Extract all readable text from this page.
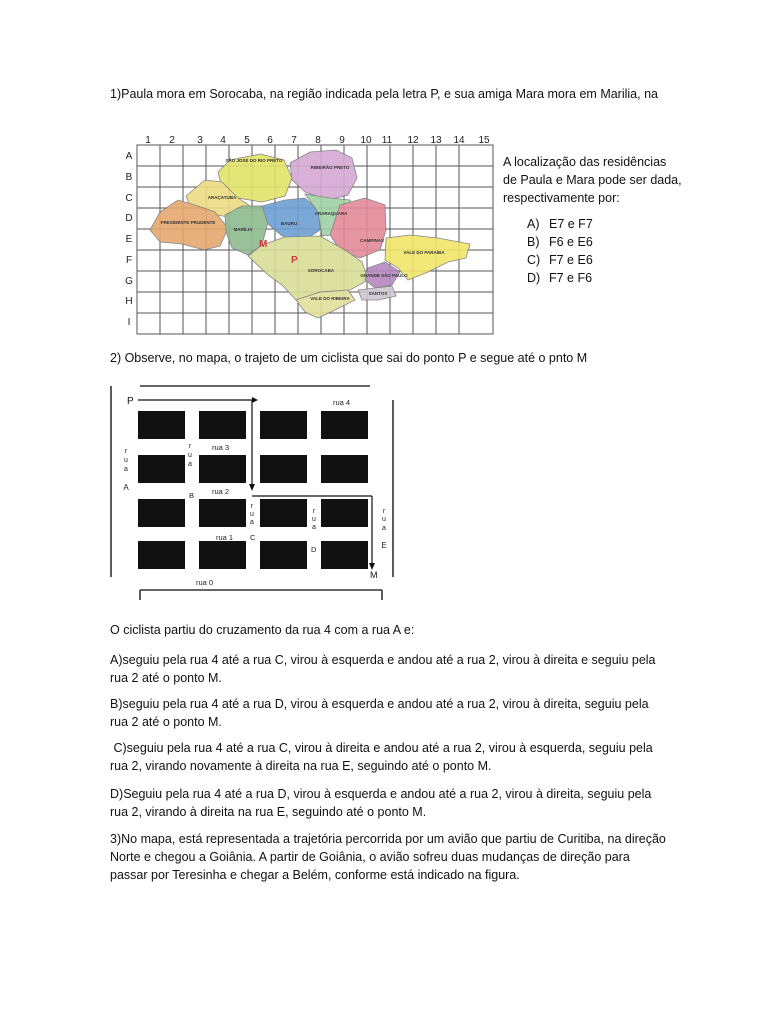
1)Paula mora em Sorocaba, na região indicada pela letra P, e sua amiga Mara mora em Marilia, na

1 2 3 4 5 6 7 8 9 10 11 12 13 14 15
A
B
C
D
E
F
G
H
I
SÃO JOSÉ DO RIO PRETO
RIBEIRÃO PRETO
ARAÇATUBA
PRESIDENTE PRUDENTE
MARÍLIA
BAURU
ARARAQUARA
CAMPINAS
SOROCABA
VALE DO PARAÍBA
VALE DO RIBEIRA
GRANDE SÃO PAULO
SANTOS
P
M

A localização das residências de Paula e Mara pode ser dada, respectivamente por:

A) E7 e F7
B) F6 e E6
C) F7 e E6
D) F7 e F6

2) Observe, no mapa, o trajeto de um ciclista que sai do ponto P e segue até o pnto M

rua 4
rua 3
rua 2
rua 1
rua 0
B
C
D
r
u
a
A
r
u
a
r
u
a
r
u
a
r
u
a
E
P
M

O ciclista partiu do cruzamento da rua 4 com a rua A e:

A)seguiu pela rua 4 até a rua C, virou à esquerda e andou até a rua 2, virou à direita e seguiu pela rua 2 até o ponto M.

B)seguiu pela rua 4 até a rua D, virou à esquerda e andou até a rua 2, virou à direita, seguiu pela rua 2 até o ponto M.

C)seguiu pela rua 4 até a rua C, virou à direita e andou até a rua 2, virou à esquerda, seguiu pela rua 2, virando novamente à direita na rua E, seguindo até o ponto M.

D)Seguiu pela rua 4 até a rua D, virou à esquerda e andou até a rua 2, virou à direita, seguiu pela rua 2, virando à direita na rua E, seguindo até o ponto M.

3)No mapa, está representada a trajetória percorrida por um avião que partiu de Curitiba, na direção Norte e chegou a Goiânia. A partir de Goiânia, o avião sofreu duas mudanças de direção para passar por Teresinha e chegar a Belém, conforme está indicado na figura.
